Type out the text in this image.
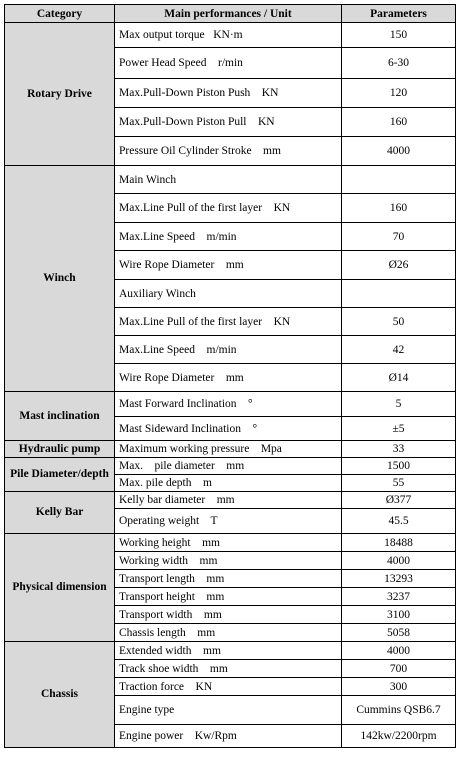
Category	Main performances / Unit	Parameters
Rotary Drive	Max output torque   KN·m	150
	Power Head Speed    r/min	6-30
	Max.Pull-Down Piston Push    KN	120
	Max.Pull-Down Piston Pull    KN	160
	Pressure Oil Cylinder Stroke    mm	4000
Winch	Main Winch	
	Max.Line Pull of the first layer    KN	160
	Max.Line Speed    m/min	70
	Wire Rope Diameter    mm	Ø26
	Auxiliary Winch	
	Max.Line Pull of the first layer    KN	50
	Max.Line Speed    m/min	42
	Wire Rope Diameter    mm	Ø14
Mast inclination	Mast Forward Inclination    °	5
	Mast Sideward Inclination    °	±5
Hydraulic pump	Maximum working pressure    Mpa	33
Pile Diameter/depth	Max.    pile diameter    mm	1500
	Max. pile depth    m	55
Kelly Bar	Kelly bar diameter    mm	Ø377
	Operating weight    T	45.5
Physical dimension	Working height    mm	18488
	Working width    mm	4000
	Transport length    mm	13293
	Transport height    mm	3237
	Transport width    mm	3100
	Chassis length    mm	5058
Chassis	Extended width    mm	4000
	Track shoe width    mm	700
	Traction force    KN	300
	Engine type	Cummins QSB6.7
	Engine power    Kw/Rpm	142kw/2200rpm
